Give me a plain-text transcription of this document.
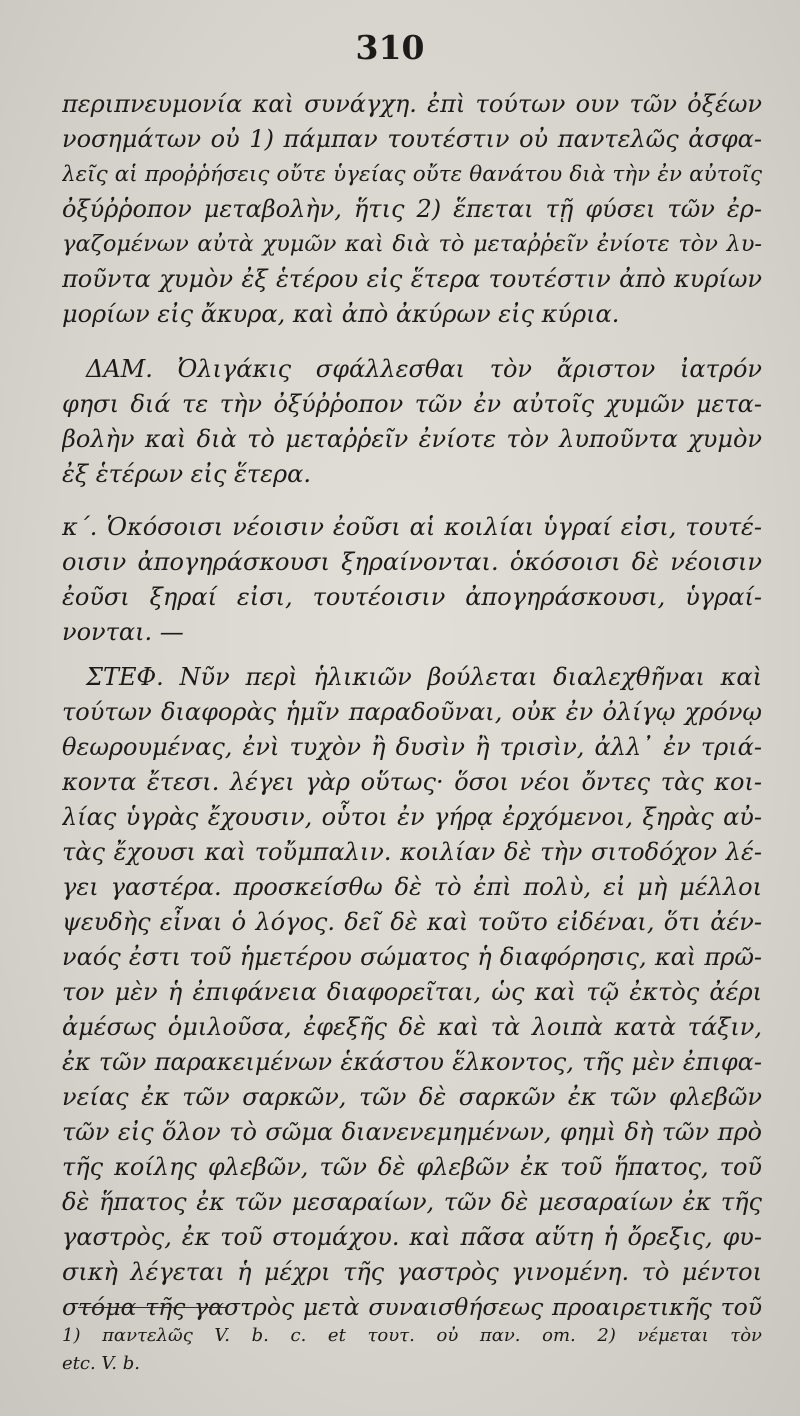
310
περιπνευμονία καὶ συνάγχη. ἐπὶ τούτων ουν τῶν ὀξέων
νοσημάτων οὐ 1) πάμπαν τουτέστιν οὐ παντελῶς ἀσφα-
λεῖς αἱ προῤῥήσεις οὔτε ὑγείας οὔτε θανάτου διὰ τὴν ἐν αὐτοῖς
ὀξύῤῥοπον μεταβολὴν, ἥτις 2) ἕπεται τῇ φύσει τῶν ἐρ-
γαζομένων αὐτὰ χυμῶν καὶ διὰ τὸ μεταῤῥεῖν ἐνίοτε τὸν λυ-
ποῦντα χυμὸν ἐξ ἑτέρου εἰς ἕτερα τουτέστιν ἀπὸ κυρίων
μορίων εἰς ἄκυρα, καὶ ἀπὸ ἀκύρων εἰς κύρια.
ΔΑΜ. Ὀλιγάκις σφάλλεσθαι τὸν ἄριστον ἰατρόν
φησι διά τε τὴν ὀξύῤῥοπον τῶν ἐν αὐτοῖς χυμῶν μετα-
βολὴν καὶ διὰ τὸ μεταῤῥεῖν ἐνίοτε τὸν λυποῦντα χυμὸν
ἐξ ἑτέρων εἰς ἕτερα.
κ΄. Ὁκόσοισι νέοισιν ἐοῦσι αἱ κοιλίαι ὑγραί εἰσι, τουτέ-
οισιν ἀπογηράσκουσι ξηραίνονται. ὁκόσοισι δὲ νέοισιν
ἐοῦσι ξηραί εἰσι, τουτέοισιν ἀπογηράσκουσι, ὑγραί-
νονται. —
ΣΤΕΦ. Νῦν περὶ ἡλικιῶν βούλεται διαλεχθῆναι καὶ
τούτων διαφορὰς ἡμῖν παραδοῦναι, οὐκ ἐν ὀλίγῳ χρόνῳ
θεωρουμένας, ἐνὶ τυχὸν ἢ δυσὶν ἢ τρισὶν, ἀλλ᾽ ἐν τριά-
κοντα ἔτεσι. λέγει γὰρ οὕτως· ὅσοι νέοι ὄντες τὰς κοι-
λίας ὑγρὰς ἔχουσιν, οὗτοι ἐν γήρᾳ ἐρχόμενοι, ξηρὰς αὐ-
τὰς ἔχουσι καὶ τοὔμπαλιν. κοιλίαν δὲ τὴν σιτοδόχον λέ-
γει γαστέρα. προσκείσθω δὲ τὸ ἐπὶ πολὺ, εἰ μὴ μέλλοι
ψευδὴς εἶναι ὁ λόγος. δεῖ δὲ καὶ τοῦτο εἰδέναι, ὅτι ἀέν-
ναός ἐστι τοῦ ἡμετέρου σώματος ἡ διαφόρησις, καὶ πρῶ-
τον μὲν ἡ ἐπιφάνεια διαφορεῖται, ὡς καὶ τῷ ἐκτὸς ἀέρι
ἀμέσως ὁμιλοῦσα, ἐφεξῆς δὲ καὶ τὰ λοιπὰ κατὰ τάξιν,
ἐκ τῶν παρακειμένων ἑκάστου ἕλκοντος, τῆς μὲν ἐπιφα-
νείας ἐκ τῶν σαρκῶν, τῶν δὲ σαρκῶν ἐκ τῶν φλεβῶν
τῶν εἰς ὅλον τὸ σῶμα διανενεμημένων, φημὶ δὴ τῶν πρὸ
τῆς κοίλης φλεβῶν, τῶν δὲ φλεβῶν ἐκ τοῦ ἥπατος, τοῦ
δὲ ἥπατος ἐκ τῶν μεσαραίων, τῶν δὲ μεσαραίων ἐκ τῆς
γαστρὸς, ἐκ τοῦ στομάχου. καὶ πᾶσα αὕτη ἡ ὄρεξις, φυ-
σικὴ λέγεται ἡ μέχρι τῆς γαστρὸς γινομένη. τὸ μέντοι
στόμα τῆς γαστρὸς μετὰ συναισθήσεως προαιρετικῆς τοῦ
1) παντελῶς V. b. c. et τουτ. οὐ παν. om. 2) νέμεται τὸν
etc. V. b.
